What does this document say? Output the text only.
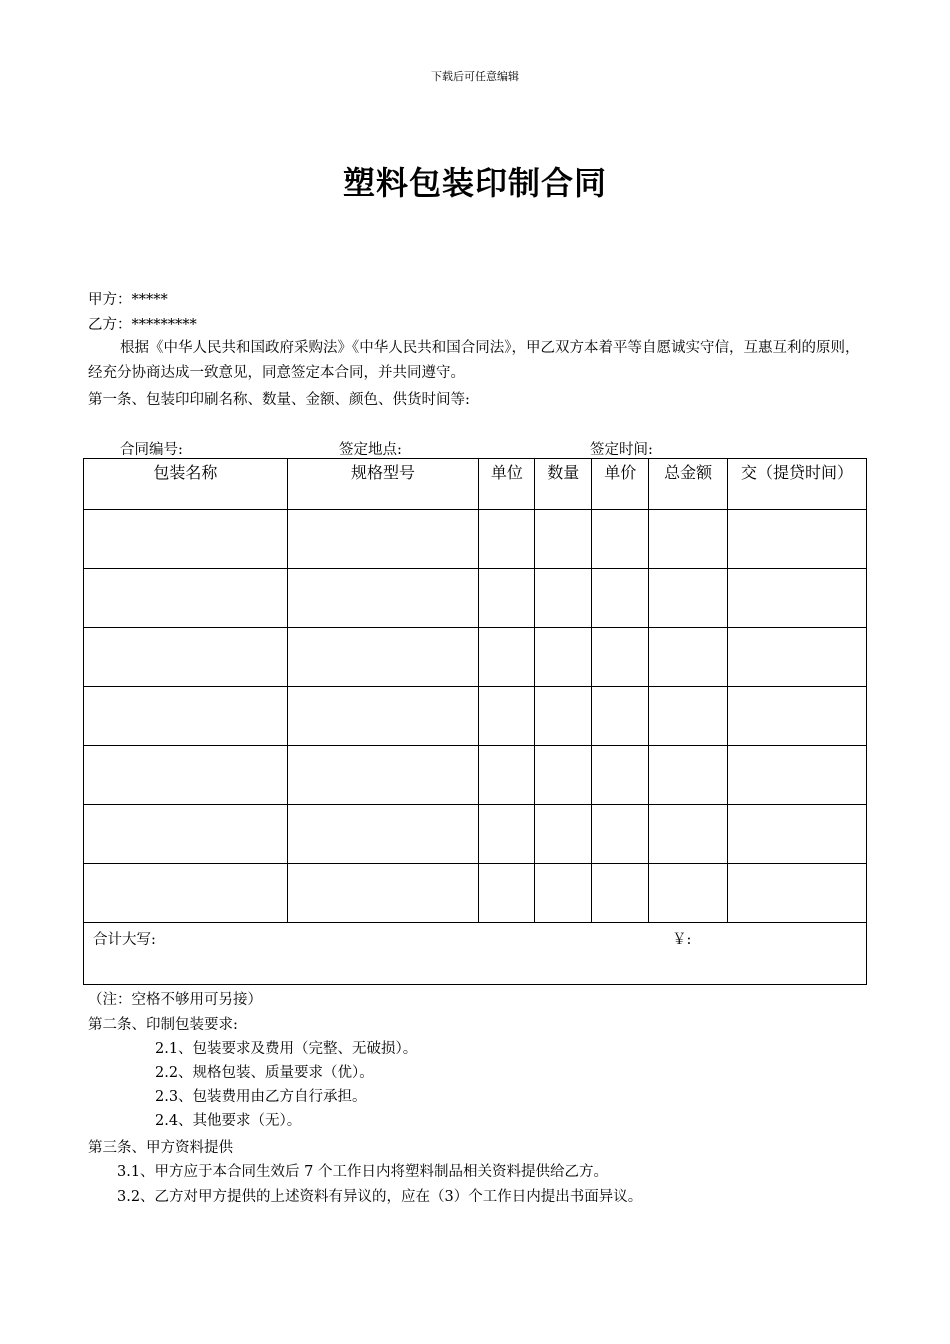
下载后可任意编辑
塑料包装印制合同
甲方：*****
乙方：*********
根据《中华人民共和国政府采购法》《中华人民共和国合同法》，甲乙双方本着平等自愿诚实守信，互惠互利的原则，经充分协商达成一致意见，同意签定本合同，并共同遵守。
第一条、包装印印刷名称、数量、金额、颜色、供货时间等:
合同编号:	签定地点:	签定时间:
包装名称	规格型号	单位	数量	单价	总金额	交（提贷时间）

合计大写: ￥:						
（注：空格不够用可另接）
第二条、印制包装要求:
2.1、包装要求及费用（完整、无破损）。
2.2、规格包装、质量要求（优）。
2.3、包装费用由乙方自行承担。
2.4、其他要求（无）。
第三条、甲方资料提供
3.1、甲方应于本合同生效后 7 个工作日内将塑料制品相关资料提供给乙方。
3.2、乙方对甲方提供的上述资料有异议的，应在（3）个工作日内提出书面异议。
